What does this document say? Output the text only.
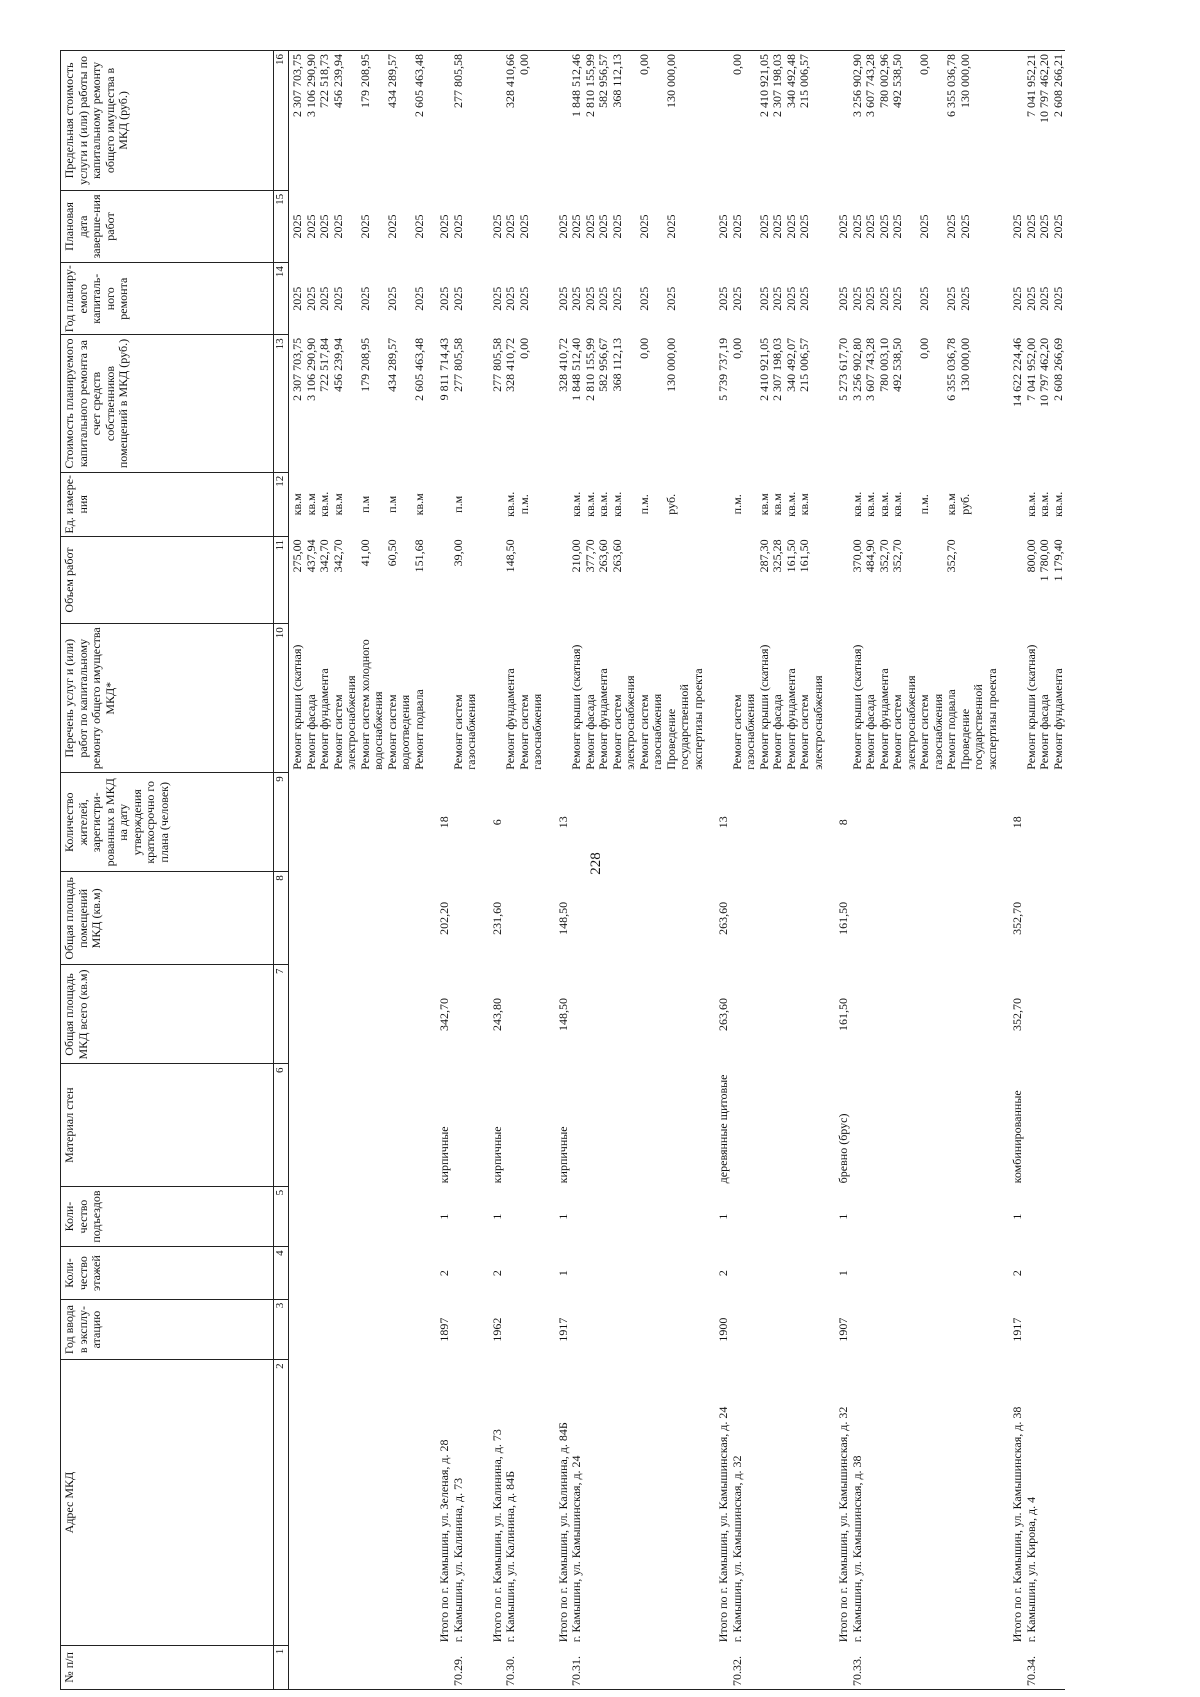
228
№ п/п	Адрес МКД	Год ввода в эксплу-атацию	Коли-чество этажей	Коли-чество подъездов	Материал стен	Общая площадь МКД всего (кв.м)	Общая площадь помещений МКД (кв.м)	Количество жителей, зарегистри-рованных в МКД на дату утверждения краткосрочно го плана (человек)	Перечень услуг и (или) работ по капитальному ремонту общего имущества МКД*	Объем работ	Ед. измере-ния	Стоимость планируемого капитального ремонта за счет средств собственников помещений в МКД (руб.)	Год планиру-емого капиталь-ного ремонта	Плановая дата заверше-ния работ	Предельная стоимость услуги и (или) работы по капитальному ремонту общего имущества в МКД (руб.)
1	2	3	4	5	6	7	8	9	10	11	12	13	14	15	16
									Ремонт крыши (скатная)	275,00	кв.м	2 307 703,75	2025	2025	2 307 703,75
									Ремонт фасада	437,94	кв.м	3 106 290,90	2025	2025	3 106 290,90
									Ремонт фундамента	342,70	кв.м.	722 517,84	2025	2025	722 518,73
									Ремонт систем электроснабжения	342,70	кв.м	456 239,94	2025	2025	456 239,94
									Ремонт систем холодного водоснабжения	41,00	п.м	179 208,95	2025	2025	179 208,95
									Ремонт систем водоотведения	60,50	п.м	434 289,57	2025	2025	434 289,57
									Ремонт подвала	151,68	кв.м	2 605 463,48	2025	2025	2 605 463,48
	Итого по г. Камышин, ул. Зеленая, д. 28	1897	2	1	кирпичные	342,70	202,20	18				9 811 714,43	2025	2025	
70.29.	г. Камышин, ул. Калинина, д. 73								Ремонт систем газоснабжения	39,00	п.м	277 805,58	2025	2025	277 805,58
	Итого по г. Камышин, ул. Калинина, д. 73	1962	2	1	кирпичные	243,80	231,60	6				277 805,58	2025	2025	
70.30.	г. Камышин, ул. Калинина, д. 84Б								Ремонт фундамента	148,50	кв.м.	328 410,72	2025	2025	328 410,66
									Ремонт систем газоснабжения		п.м.	0,00	2025	2025	0,00
	Итого по г. Камышин, ул. Калинина, д. 84Б	1917	1	1	кирпичные	148,50	148,50	13				328 410,72	2025	2025	
70.31.	г. Камышин, ул. Камышинская, д. 24								Ремонт крыши (скатная)	210,00	кв.м.	1 848 512,40	2025	2025	1 848 512,46
									Ремонт фасада	377,70	кв.м.	2 810 155,99	2025	2025	2 810 155,99
									Ремонт фундамента	263,60	кв.м.	582 956,67	2025	2025	582 956,57
									Ремонт систем электроснабжения	263,60	кв.м.	368 112,13	2025	2025	368 112,13
									Ремонт систем газоснабжения		п.м.	0,00	2025	2025	0,00
									Проведение государственной экспертизы проекта		руб.	130 000,00	2025	2025	130 000,00
	Итого по г. Камышин, ул. Камышинская, д. 24	1900	2	1	деревянные щитовые	263,60	263,60	13				5 739 737,19	2025	2025	
70.32.	г. Камышин, ул. Камышинская, д. 32								Ремонт систем газоснабжения		п.м.	0,00	2025	2025	0,00
									Ремонт крыши (скатная)	287,30	кв.м	2 410 921,05	2025	2025	2 410 921,05
									Ремонт фасада	325,28	кв.м	2 307 198,03	2025	2025	2 307 198,03
									Ремонт фундамента	161,50	кв.м.	340 492,07	2025	2025	340 492,48
									Ремонт систем электроснабжения	161,50	кв.м	215 006,57	2025	2025	215 006,57
	Итого по г. Камышин, ул. Камышинская, д. 32	1907	1	1	бревно (брус)	161,50	161,50	8				5 273 617,70	2025	2025	
70.33.	г. Камышин, ул. Камышинская, д. 38								Ремонт крыши (скатная)	370,00	кв.м.	3 256 902,80	2025	2025	3 256 902,90
									Ремонт фасада	484,90	кв.м.	3 607 743,28	2025	2025	3 607 743,28
									Ремонт фундамента	352,70	кв.м.	780 003,10	2025	2025	780 002,96
									Ремонт систем электроснабжения	352,70	кв.м.	492 538,50	2025	2025	492 538,50
									Ремонт систем газоснабжения		п.м.	0,00	2025	2025	0,00
									Ремонт подвала	352,70	кв.м	6 355 036,78	2025	2025	6 355 036,78
									Проведение государственной экспертизы проекта		руб.	130 000,00	2025	2025	130 000,00
	Итого по г. Камышин, ул. Камышинская, д. 38	1917	2	1	комбинированные	352,70	352,70	18				14 622 224,46	2025	2025	
70.34.	г. Камышин, ул. Кирова, д. 4								Ремонт крыши (скатная)	800,00	кв.м.	7 041 952,00	2025	2025	7 041 952,21
									Ремонт фасада	1 780,00	кв.м.	10 797 462,20	2025	2025	10 797 462,20
									Ремонт фундамента	1 179,40	кв.м.	2 608 266,69	2025	2025	2 608 266,21
